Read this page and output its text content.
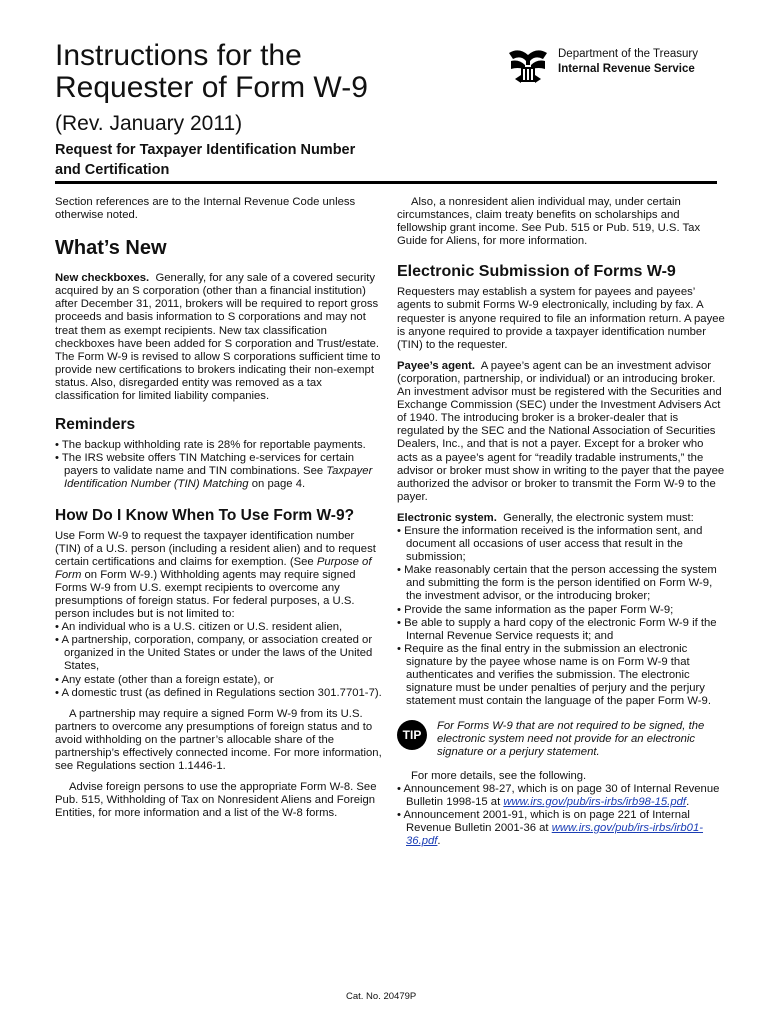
Instructions for the
Requester of Form W-9
(Rev. January 2011)
Request for Taxpayer Identification Number
and Certification
Department of the Treasury
Internal Revenue Service

Section references are to the Internal Revenue Code unless otherwise noted.

What’s New

New checkboxes. Generally, for any sale of a covered security acquired by an S corporation (other than a financial institution) after December 31, 2011, brokers will be required to report gross proceeds and basis information to S corporations and may not treat them as exempt recipients. New tax classification checkboxes have been added for S corporation and Trust/estate. The Form W-9 is revised to allow S corporations sufficient time to provide new certifications to brokers indicating their non-exempt status. Also, disregarded entity was removed as a tax classification for limited liability companies.

Reminders
• The backup withholding rate is 28% for reportable payments.
• The IRS website offers TIN Matching e-services for certain payers to validate name and TIN combinations. See Taxpayer Identification Number (TIN) Matching on page 4.
How Do I Know When To Use Form W-9?
Use Form W-9 to request the taxpayer identification number (TIN) of a U.S. person (including a resident alien) and to request certain certifications and claims for exemption. (See Purpose of Form on Form W-9.) Withholding agents may require signed Forms W-9 from U.S. exempt recipients to overcome any presumptions of foreign status. For federal purposes, a U.S. person includes but is not limited to:
• An individual who is a U.S. citizen or U.S. resident alien,
• A partnership, corporation, company, or association created or organized in the United States or under the laws of the United States,
• Any estate (other than a foreign estate), or
• A domestic trust (as defined in Regulations section 301.7701-7).

A partnership may require a signed Form W-9 from its U.S. partners to overcome any presumptions of foreign status and to avoid withholding on the partner’s allocable share of the partnership’s effectively connected income. For more information, see Regulations section 1.1446-1.

Advise foreign persons to use the appropriate Form W-8. See Pub. 515, Withholding of Tax on Nonresident Aliens and Foreign Entities, for more information and a list of the W-8 forms.

Also, a nonresident alien individual may, under certain circumstances, claim treaty benefits on scholarships and fellowship grant income. See Pub. 515 or Pub. 519, U.S. Tax Guide for Aliens, for more information.

Electronic Submission of Forms W-9

Requesters may establish a system for payees and payees’ agents to submit Forms W-9 electronically, including by fax. A requester is anyone required to file an information return. A payee is anyone required to provide a taxpayer identification number (TIN) to the requester.

Payee’s agent. A payee’s agent can be an investment advisor (corporation, partnership, or individual) or an introducing broker. An investment advisor must be registered with the Securities and Exchange Commission (SEC) under the Investment Advisers Act of 1940. The introducing broker is a broker-dealer that is regulated by the SEC and the National Association of Securities Dealers, Inc., and that is not a payer. Except for a broker who acts as a payee’s agent for “readily tradable instruments,” the advisor or broker must show in writing to the payer that the payee authorized the advisor or broker to transmit the Form W-9 to the payer.

Electronic system. Generally, the electronic system must:
• Ensure the information received is the information sent, and document all occasions of user access that result in the submission;
• Make reasonably certain that the person accessing the system and submitting the form is the person identified on Form W-9, the investment advisor, or the introducing broker;
• Provide the same information as the paper Form W-9;
• Be able to supply a hard copy of the electronic Form W-9 if the Internal Revenue Service requests it; and
• Require as the final entry in the submission an electronic signature by the payee whose name is on Form W-9 that authenticates and verifies the submission. The electronic signature must be under penalties of perjury and the perjury statement must contain the language of the paper Form W-9.
TIP
For Forms W-9 that are not required to be signed, the electronic system need not provide for an electronic signature or a perjury statement.
For more details, see the following.
• Announcement 98-27, which is on page 30 of Internal Revenue Bulletin 1998-15 at www.irs.gov/pub/irs-irbs/irb98-15.pdf.
• Announcement 2001-91, which is on page 221 of Internal Revenue Bulletin 2001-36 at www.irs.gov/pub/irs-irbs/irb01-36.pdf.
Cat. No. 20479P
